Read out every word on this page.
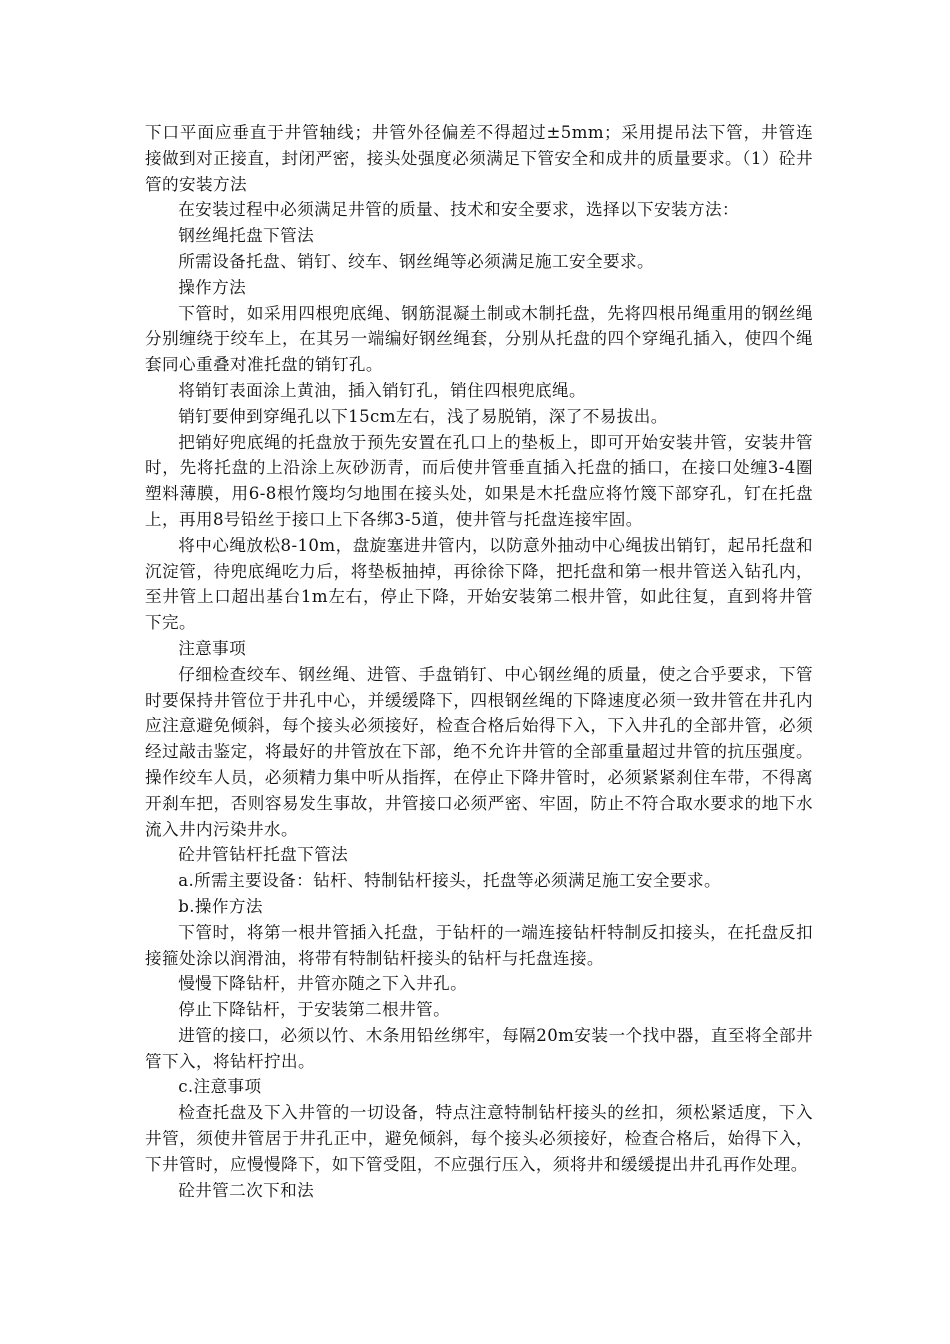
下口平面应垂直于井管轴线；井管外径偏差不得超过±5mm；采用提吊法下管，井管连接做到对正接直，封闭严密，接头处强度必须满足下管安全和成井的质量要求。（1）砼井管的安装方法

在安装过程中必须满足井管的质量、技术和安全要求，选择以下安装方法：

钢丝绳托盘下管法

所需设备托盘、销钉、绞车、钢丝绳等必须满足施工安全要求。

操作方法

下管时，如采用四根兜底绳、钢筋混凝土制或木制托盘，先将四根吊绳重用的钢丝绳分别缠绕于绞车上，在其另一端编好钢丝绳套，分别从托盘的四个穿绳孔插入，使四个绳套同心重叠对准托盘的销钉孔。

将销钉表面涂上黄油，插入销钉孔，销住四根兜底绳。

销钉要伸到穿绳孔以下15cm左右，浅了易脱销，深了不易拔出。

把销好兜底绳的托盘放于预先安置在孔口上的垫板上，即可开始安装井管，安装井管时，先将托盘的上沿涂上灰砂沥青，而后使井管垂直插入托盘的插口，在接口处缠3-4圈塑料薄膜，用6-8根竹篾均匀地围在接头处，如果是木托盘应将竹篾下部穿孔，钉在托盘上，再用8号铅丝于接口上下各绑3-5道，使井管与托盘连接牢固。

将中心绳放松8-10m，盘旋塞进井管内，以防意外抽动中心绳拔出销钉，起吊托盘和沉淀管，待兜底绳吃力后，将垫板抽掉，再徐徐下降，把托盘和第一根井管送入钻孔内，至井管上口超出基台1m左右，停止下降，开始安装第二根井管，如此往复，直到将井管下完。

注意事项

仔细检查绞车、钢丝绳、进管、手盘销钉、中心钢丝绳的质量，使之合乎要求，下管时要保持井管位于井孔中心，并缓缓降下，四根钢丝绳的下降速度必须一致井管在井孔内应注意避免倾斜，每个接头必须接好，检查合格后始得下入，下入井孔的全部井管，必须经过敲击鉴定，将最好的井管放在下部，绝不允许井管的全部重量超过井管的抗压强度。操作绞车人员，必须精力集中听从指挥，在停止下降井管时，必须紧紧刹住车带，不得离开刹车把，否则容易发生事故，井管接口必须严密、牢固，防止不符合取水要求的地下水流入井内污染井水。

砼井管钻杆托盘下管法

a.所需主要设备：钻杆、特制钻杆接头，托盘等必须满足施工安全要求。

b.操作方法

下管时，将第一根井管插入托盘，于钻杆的一端连接钻杆特制反扣接头，在托盘反扣接箍处涂以润滑油，将带有特制钻杆接头的钻杆与托盘连接。

慢慢下降钻杆，井管亦随之下入井孔。

停止下降钻杆，于安装第二根井管。

进管的接口，必须以竹、木条用铅丝绑牢，每隔20m安装一个找中器，直至将全部井管下入，将钻杆拧出。

c.注意事项

检查托盘及下入井管的一切设备，特点注意特制钻杆接头的丝扣，须松紧适度，下入井管，须使井管居于井孔正中，避免倾斜，每个接头必须接好，检查合格后，始得下入，下井管时，应慢慢降下，如下管受阻，不应强行压入，须将井和缓缓提出井孔再作处理。

砼井管二次下和法
